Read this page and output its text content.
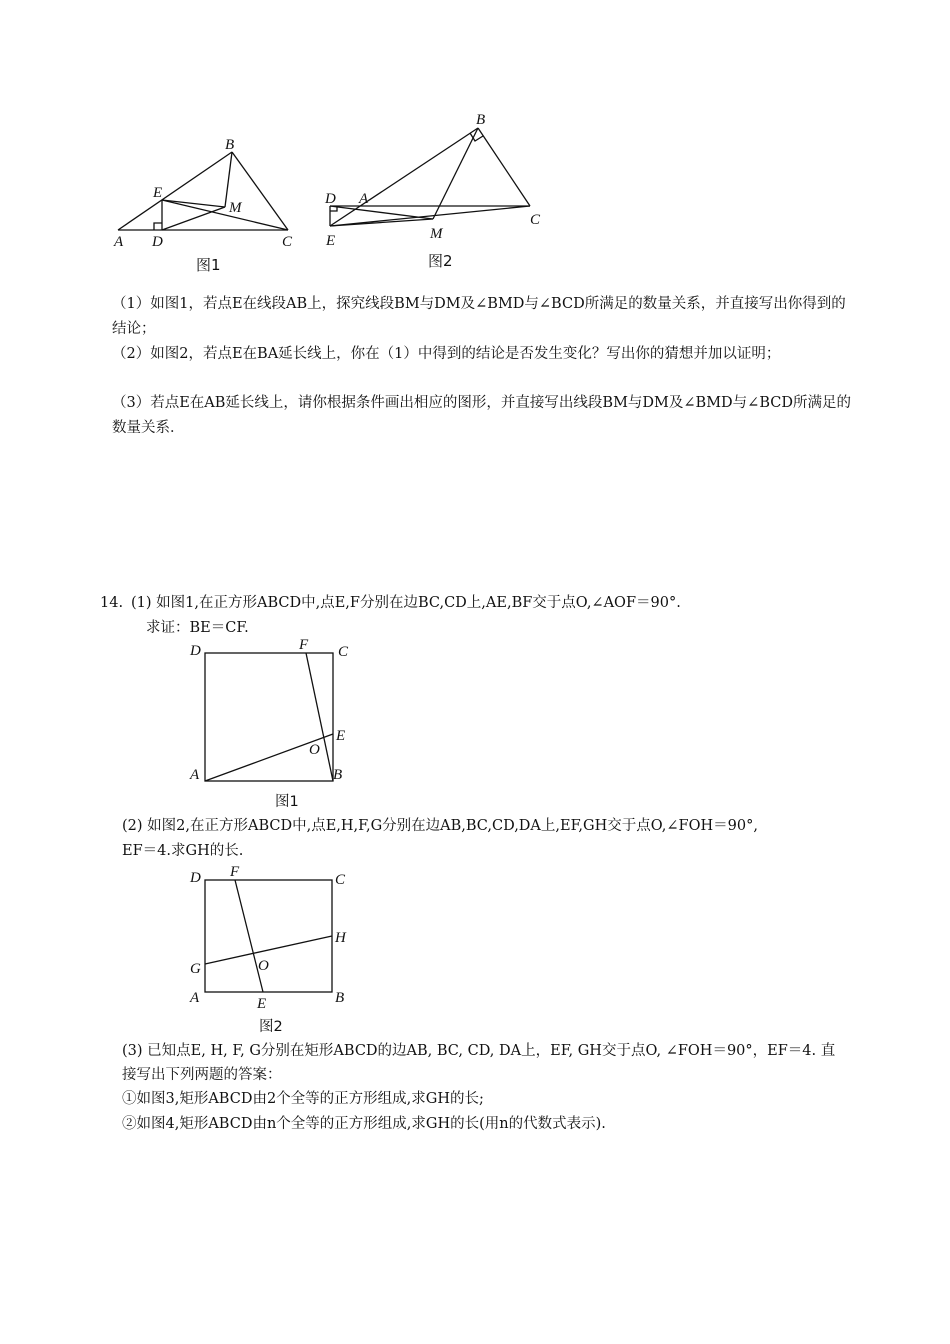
A
B
C
D
E
M
图1
A
B
C
D
E	M
图2
（1）如图1，若点E在线段AB上，探究线段BM与DM及∠BMD与∠BCD所满足的数量关系，并直接写出你得到的结论；
（2）如图2，若点E在BA延长线上，你在（1）中得到的结论是否发生变化？写出你的猜想并加以证明；
（3）若点E在AB延长线上，请你根据条件画出相应的图形，并直接写出线段BM与DM及∠BMD与∠BCD所满足的数量关系．
14. (1) 如图1,在正方形ABCD中,点E,F分别在边BC,CD上,AE,BF交于点O,∠AOF＝90°.
求证：BE＝CF.
D	F C
E
O
A	B
图1
(2) 如图2,在正方形ABCD中,点E,H,F,G分别在边AB,BC,CD,DA上,EF,GH交于点O,∠FOH＝90°,
EF＝4.求GH的长.
D F	C
H
G	O
A	E	B
图2
(3) 已知点E, H, F, G分别在矩形ABCD的边AB, BC, CD, DA上，EF, GH交于点O, ∠FOH＝90°，EF＝4. 直
接写出下列两题的答案：
①如图3,矩形ABCD由2个全等的正方形组成,求GH的长;
②如图4,矩形ABCD由n个全等的正方形组成,求GH的长(用n的代数式表示).
